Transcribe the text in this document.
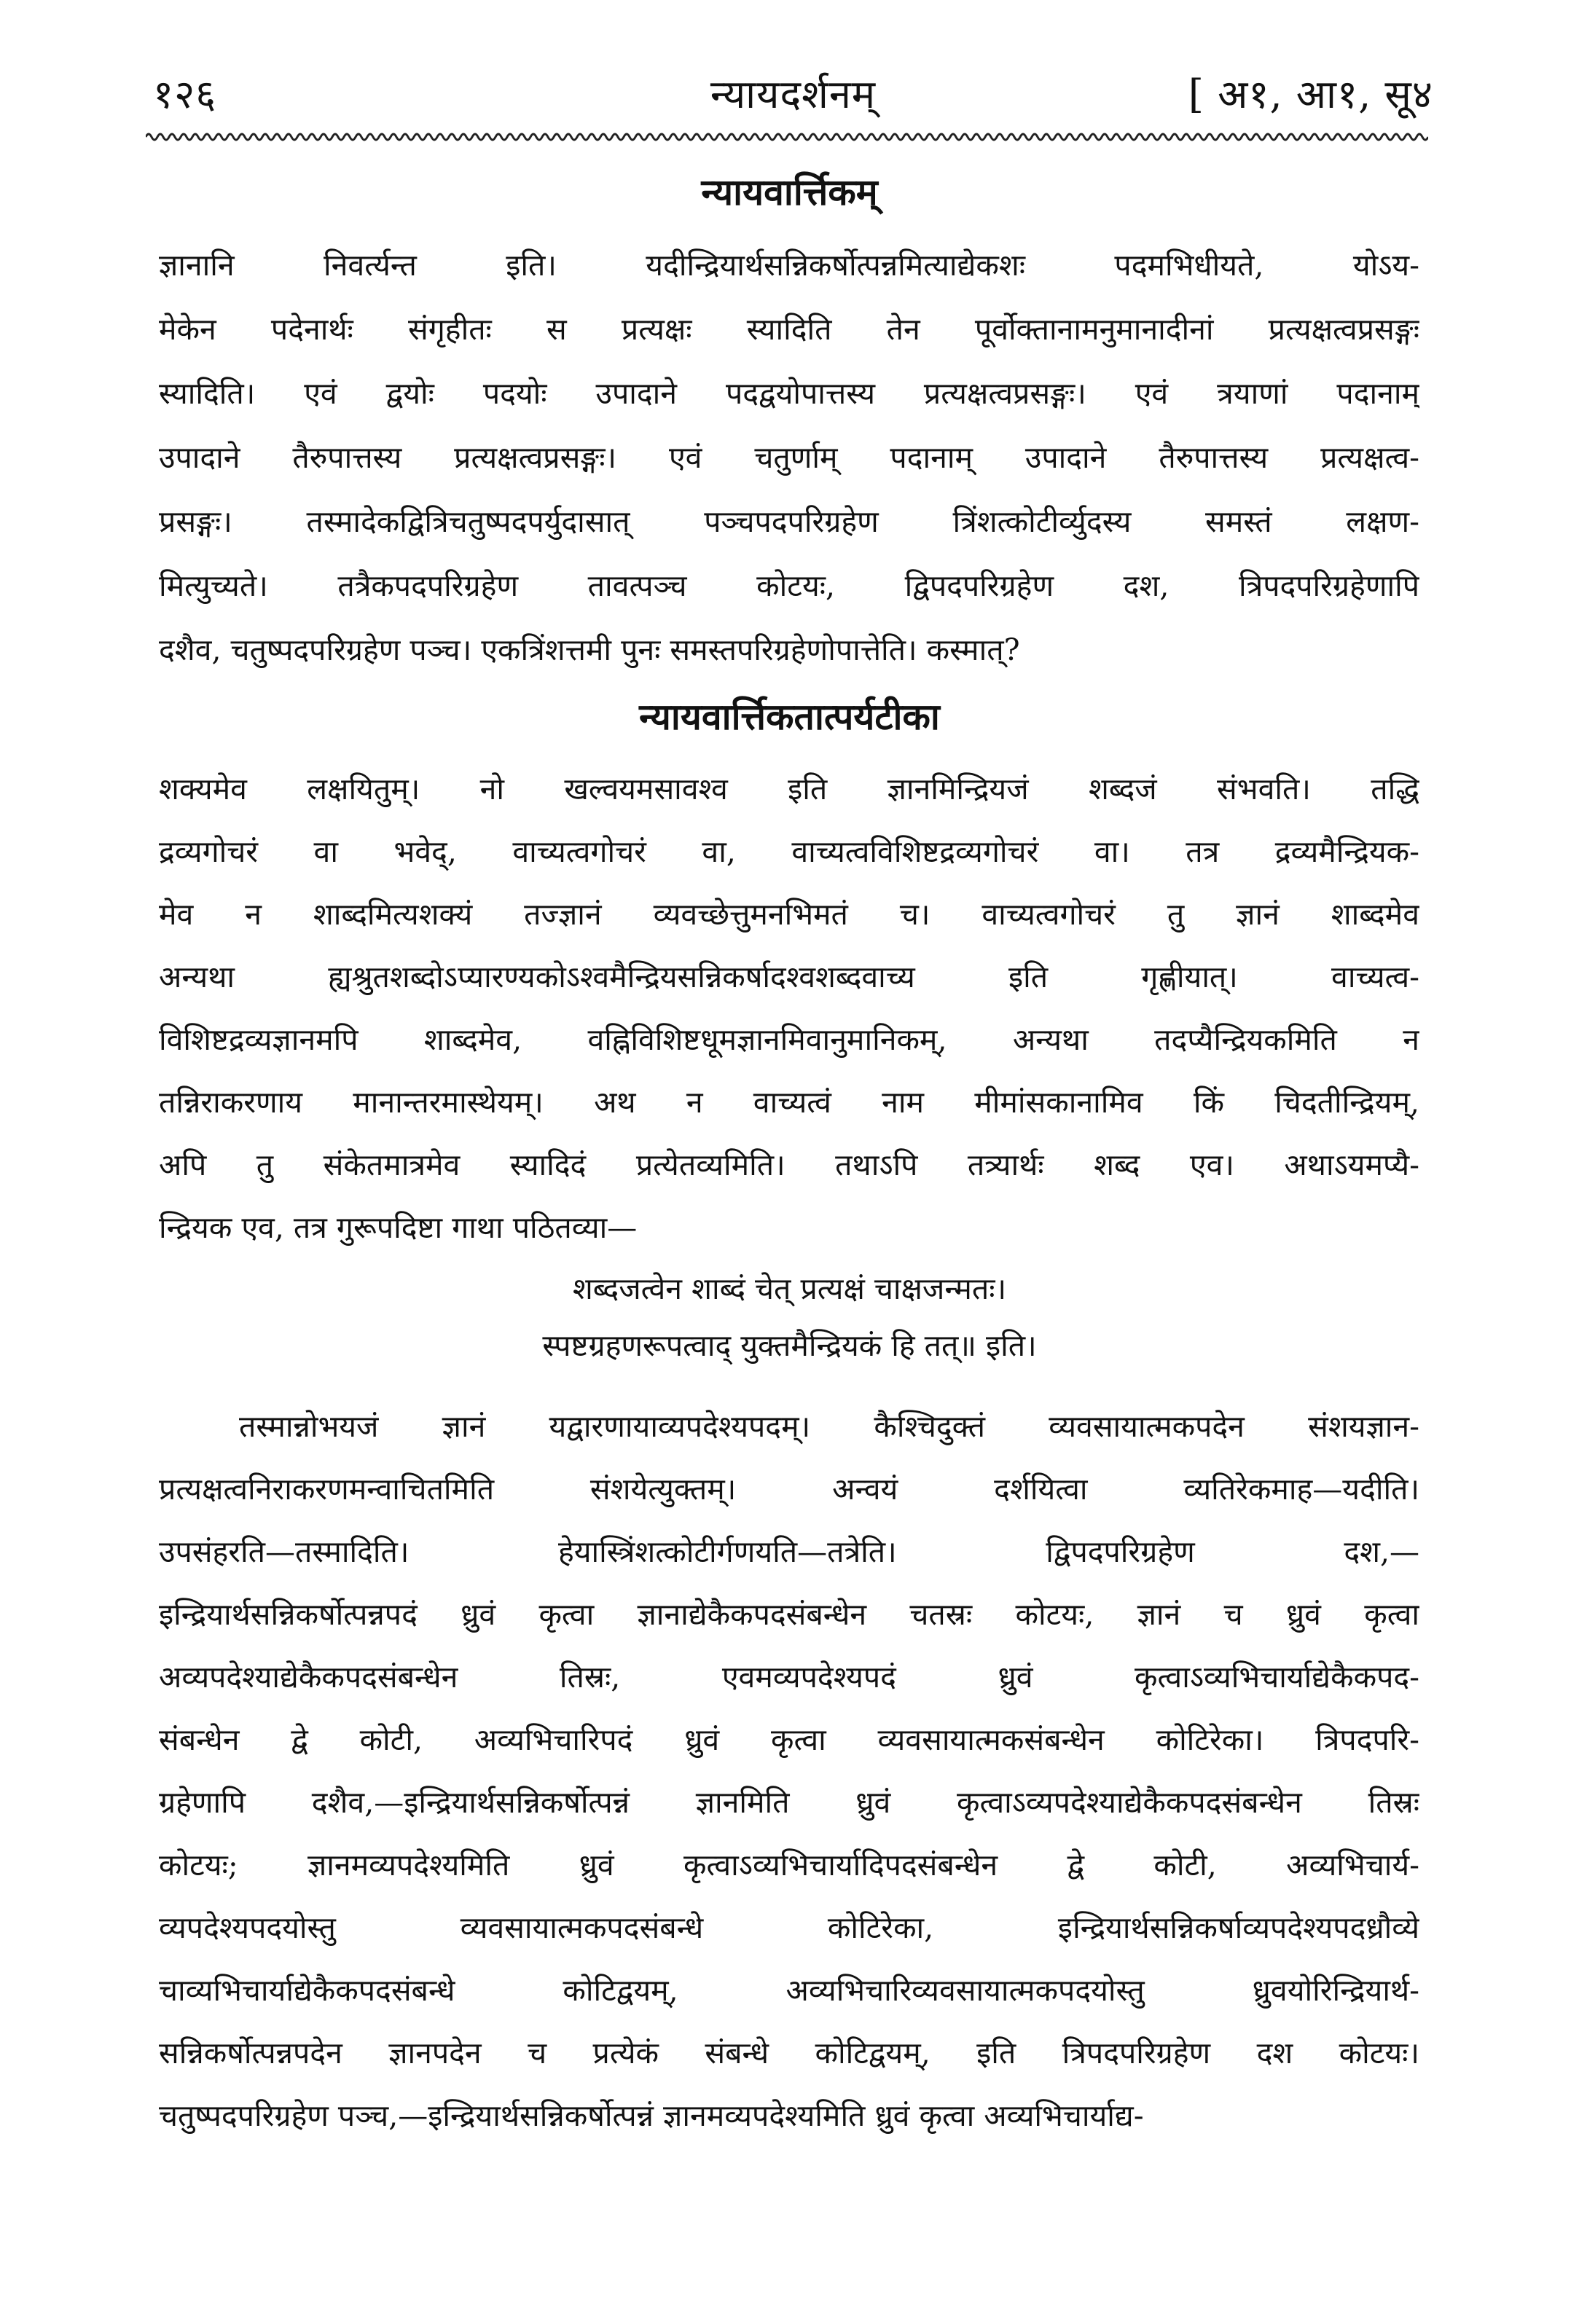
१२६	न्यायदर्शनम्	[ अ१, आ१, सू४
न्यायवार्त्तिकम्
ज्ञानानि निवर्त्यन्त इति। यदीन्द्रियार्थसन्निकर्षोत्पन्नमित्याद्येकशः पदमभिधीयते, योऽय-
मेकेन पदेनार्थः संगृहीतः स प्रत्यक्षः स्यादिति तेन पूर्वोक्तानामनुमानादीनां प्रत्यक्षत्वप्रसङ्गः
स्यादिति। एवं द्वयोः पदयोः उपादाने पदद्वयोपात्तस्य प्रत्यक्षत्वप्रसङ्गः। एवं त्रयाणां पदानाम्
उपादाने तैरुपात्तस्य प्रत्यक्षत्वप्रसङ्गः। एवं चतुर्णाम् पदानाम् उपादाने तैरुपात्तस्य प्रत्यक्षत्व-
प्रसङ्गः। तस्मादेकद्वित्रिचतुष्पदपर्युदासात् पञ्चपदपरिग्रहेण त्रिंशत्कोटीर्व्युदस्य समस्तं लक्षण-
मित्युच्यते। तत्रैकपदपरिग्रहेण तावत्पञ्च कोटयः, द्विपदपरिग्रहेण दश, त्रिपदपरिग्रहेणापि
दशैव, चतुष्पदपरिग्रहेण पञ्च। एकत्रिंशत्तमी पुनः समस्तपरिग्रहेणोपात्तेति। कस्मात्?
न्यायवार्त्तिकतात्पर्यटीका
शक्यमेव लक्षयितुम्। नो खल्वयमसावश्व इति ज्ञानमिन्द्रियजं शब्दजं संभवति। तद्धि
द्रव्यगोचरं वा भवेद्, वाच्यत्वगोचरं वा, वाच्यत्वविशिष्टद्रव्यगोचरं वा। तत्र द्रव्यमैन्द्रियक-
मेव न शाब्दमित्यशक्यं तज्ज्ञानं व्यवच्छेत्तुमनभिमतं च। वाच्यत्वगोचरं तु ज्ञानं शाब्दमेव
अन्यथा ह्यश्रुतशब्दोऽप्यारण्यकोऽश्वमैन्द्रियसन्निकर्षादश्वशब्दवाच्य इति गृह्णीयात्। वाच्यत्व-
विशिष्टद्रव्यज्ञानमपि शाब्दमेव, वह्निविशिष्टधूमज्ञानमिवानुमानिकम्, अन्यथा तदप्यैन्द्रियकमिति न
तन्निराकरणाय मानान्तरमास्थेयम्। अथ न वाच्यत्वं नाम मीमांसकानामिव किं चिदतीन्द्रियम्,
अपि तु संकेतमात्रमेव स्यादिदं प्रत्येतव्यमिति। तथाऽपि तत्र्यार्थः शब्द एव। अथाऽयमप्यै-
न्द्रियक एव, तत्र गुरूपदिष्टा गाथा पठितव्या—
शब्दजत्वेन शाब्दं चेत् प्रत्यक्षं चाक्षजन्मतः।
स्पष्टग्रहणरूपत्वाद् युक्तमैन्द्रियकं हि तत्॥ इति।
तस्मान्नोभयजं ज्ञानं यद्वारणायाव्यपदेश्यपदम्। कैश्चिदुक्तं व्यवसायात्मकपदेन संशयज्ञान-
प्रत्यक्षत्वनिराकरणमन्वाचितमिति संशयेत्युक्तम्। अन्वयं दर्शयित्वा व्यतिरेकमाह—यदीति।
उपसंहरति—तस्मादिति। हेयास्त्रिंशत्कोटीर्गणयति—तत्रेति। द्विपदपरिग्रहेण दश,—
इन्द्रियार्थसन्निकर्षोत्पन्नपदं ध्रुवं कृत्वा ज्ञानाद्येकैकपदसंबन्धेन चतस्रः कोटयः, ज्ञानं च ध्रुवं कृत्वा
अव्यपदेश्याद्येकैकपदसंबन्धेन तिस्रः, एवमव्यपदेश्यपदं ध्रुवं कृत्वाऽव्यभिचार्याद्येकैकपद-
संबन्धेन द्वे कोटी, अव्यभिचारिपदं ध्रुवं कृत्वा व्यवसायात्मकसंबन्धेन कोटिरेका। त्रिपदपरि-
ग्रहेणापि दशैव,—इन्द्रियार्थसन्निकर्षोत्पन्नं ज्ञानमिति ध्रुवं कृत्वाऽव्यपदेश्याद्येकैकपदसंबन्धेन तिस्रः
कोटयः; ज्ञानमव्यपदेश्यमिति ध्रुवं कृत्वाऽव्यभिचार्यादिपदसंबन्धेन द्वे कोटी, अव्यभिचार्य-
व्यपदेश्यपदयोस्तु व्यवसायात्मकपदसंबन्धे कोटिरेका, इन्द्रियार्थसन्निकर्षाव्यपदेश्यपदध्रौव्ये
चाव्यभिचार्याद्येकैकपदसंबन्धे कोटिद्वयम्, अव्यभिचारिव्यवसायात्मकपदयोस्तु ध्रुवयोरिन्द्रियार्थ-
सन्निकर्षोत्पन्नपदेन ज्ञानपदेन च प्रत्येकं संबन्धे कोटिद्वयम्, इति त्रिपदपरिग्रहेण दश कोटयः।
चतुष्पदपरिग्रहेण पञ्च,—इन्द्रियार्थसन्निकर्षोत्पन्नं ज्ञानमव्यपदेश्यमिति ध्रुवं कृत्वा अव्यभिचार्याद्य-
